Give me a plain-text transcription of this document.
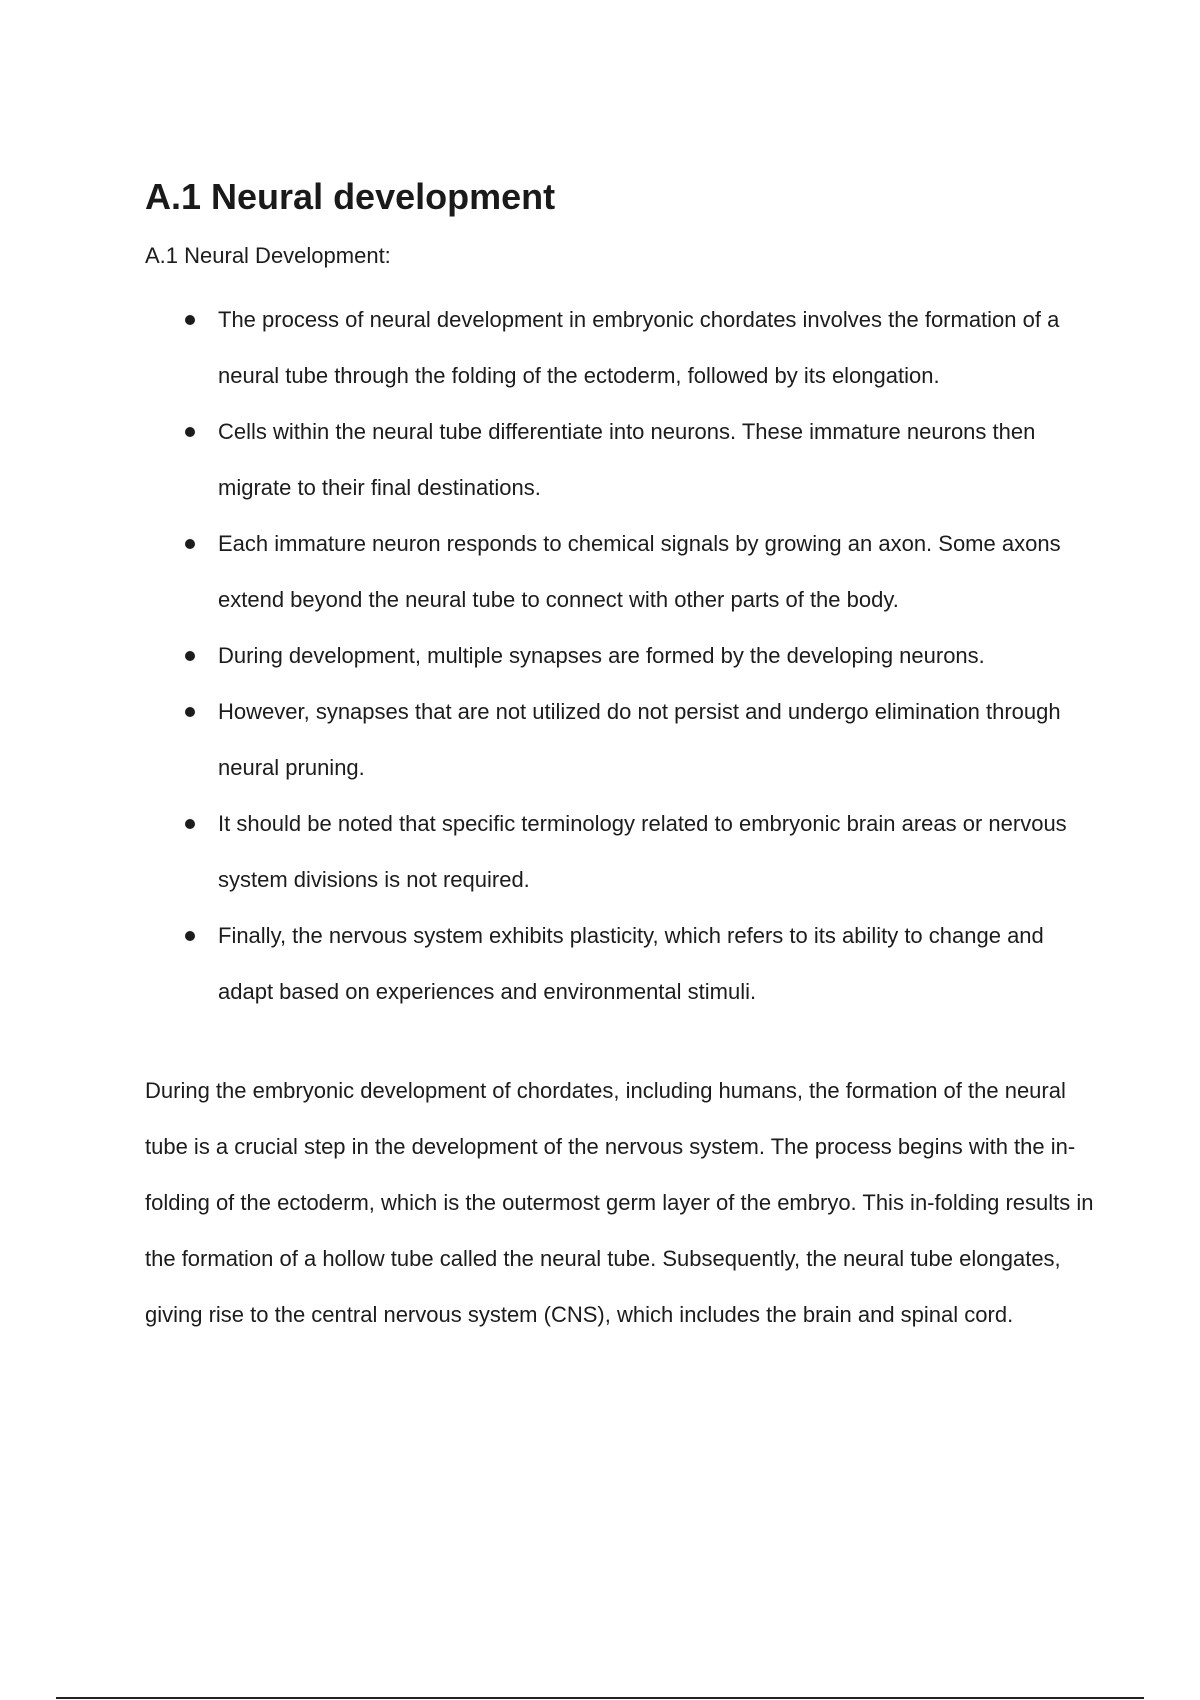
A.1 Neural development

A.1 Neural Development:

The process of neural development in embryonic chordates involves the formation of a neural tube through the folding of the ectoderm, followed by its elongation.
Cells within the neural tube differentiate into neurons. These immature neurons then migrate to their final destinations.
Each immature neuron responds to chemical signals by growing an axon. Some axons extend beyond the neural tube to connect with other parts of the body.
During development, multiple synapses are formed by the developing neurons.
However, synapses that are not utilized do not persist and undergo elimination through neural pruning.
It should be noted that specific terminology related to embryonic brain areas or nervous system divisions is not required.
Finally, the nervous system exhibits plasticity, which refers to its ability to change and adapt based on experiences and environmental stimuli.

During the embryonic development of chordates, including humans, the formation of the neural tube is a crucial step in the development of the nervous system. The process begins with the in-folding of the ectoderm, which is the outermost germ layer of the embryo. This in-folding results in the formation of a hollow tube called the neural tube. Subsequently, the neural tube elongates, giving rise to the central nervous system (CNS), which includes the brain and spinal cord.
